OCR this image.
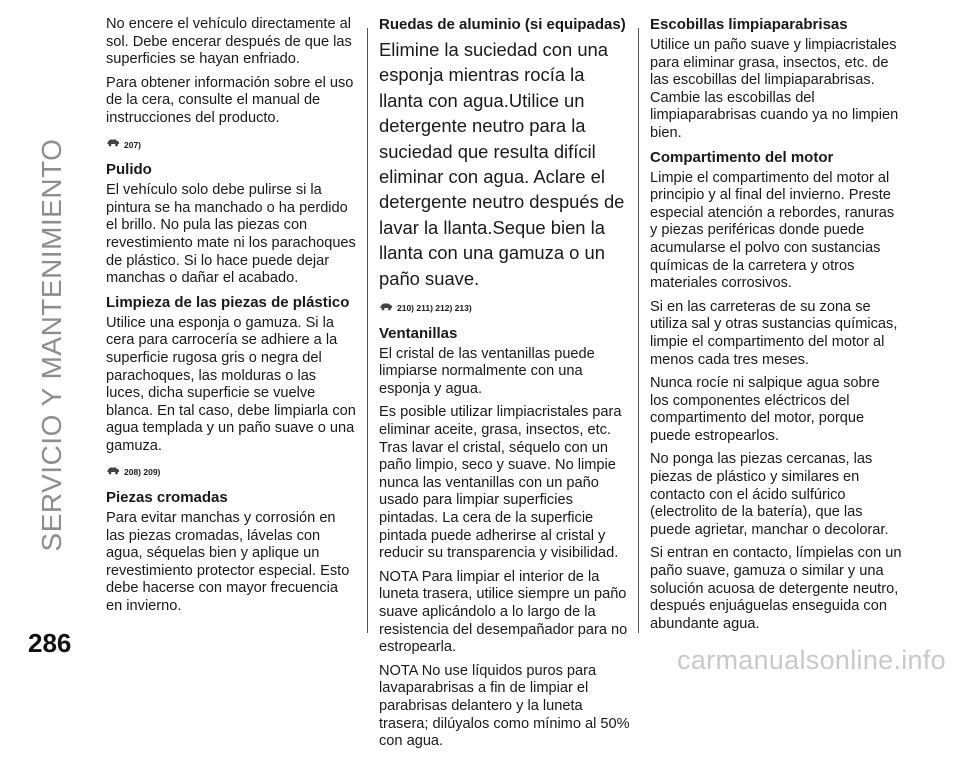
SERVICIO Y MANTENIMIENTO

No encere el vehículo directamente al sol. Debe encerar después de que las superficies se hayan enfriado.

Para obtener información sobre el uso de la cera, consulte el manual de instrucciones del producto.

207)
Pulido

El vehículo solo debe pulirse si la pintura se ha manchado o ha perdido el brillo. No pula las piezas con revestimiento mate ni los parachoques de plástico. Si lo hace puede dejar manchas o dañar el acabado.

Limpieza de las piezas de plástico

Utilice una esponja o gamuza. Si la cera para carrocería se adhiere a la superficie rugosa gris o negra del parachoques, las molduras o las luces, dicha superficie se vuelve blanca. En tal caso, debe limpiarla con agua templada y un paño suave o una gamuza.

208) 209)
Piezas cromadas

Para evitar manchas y corrosión en las piezas cromadas, lávelas con agua, séquelas bien y aplique un revestimiento protector especial. Esto debe hacerse con mayor frecuencia en invierno.

Ruedas de aluminio (si equipadas)

Elimine la suciedad con una esponja mientras rocía la llanta con agua.Utilice un detergente neutro para la suciedad que resulta difícil eliminar con agua. Aclare el detergente neutro después de lavar la llanta.Seque bien la llanta con una gamuza o un paño suave.

210) 211) 212) 213)
Ventanillas

El cristal de las ventanillas puede limpiarse normalmente con una esponja y agua.

Es posible utilizar limpiacristales para eliminar aceite, grasa, insectos, etc. Tras lavar el cristal, séquelo con un paño limpio, seco y suave. No limpie nunca las ventanillas con un paño usado para limpiar superficies pintadas. La cera de la superficie pintada puede adherirse al cristal y reducir su transparencia y visibilidad.

NOTA Para limpiar el interior de la luneta trasera, utilice siempre un paño suave aplicándolo a lo largo de la resistencia del desempañador para no estropearla.

NOTA No use líquidos puros para lavaparabrisas a fin de limpiar el parabrisas delantero y la luneta trasera; dilúyalos como mínimo al 50% con agua.

Escobillas limpiaparabrisas

Utilice un paño suave y limpiacristales para eliminar grasa, insectos, etc. de las escobillas del limpiaparabrisas. Cambie las escobillas del limpiaparabrisas cuando ya no limpien bien.

Compartimento del motor

Limpie el compartimento del motor al principio y al final del invierno. Preste especial atención a rebordes, ranuras y piezas periféricas donde puede acumularse el polvo con sustancias químicas de la carretera y otros materiales corrosivos.

Si en las carreteras de su zona se utiliza sal y otras sustancias químicas, limpie el compartimento del motor al menos cada tres meses.

Nunca rocíe ni salpique agua sobre los componentes eléctricos del compartimento del motor, porque puede estropearlos.

No ponga las piezas cercanas, las piezas de plástico y similares en contacto con el ácido sulfúrico (electrolito de la batería), que las puede agrietar, manchar o decolorar.

Si entran en contacto, límpielas con un paño suave, gamuza o similar y una solución acuosa de detergente neutro, después enjuáguelas enseguida con abundante agua.

286
carmanualsonline.info
